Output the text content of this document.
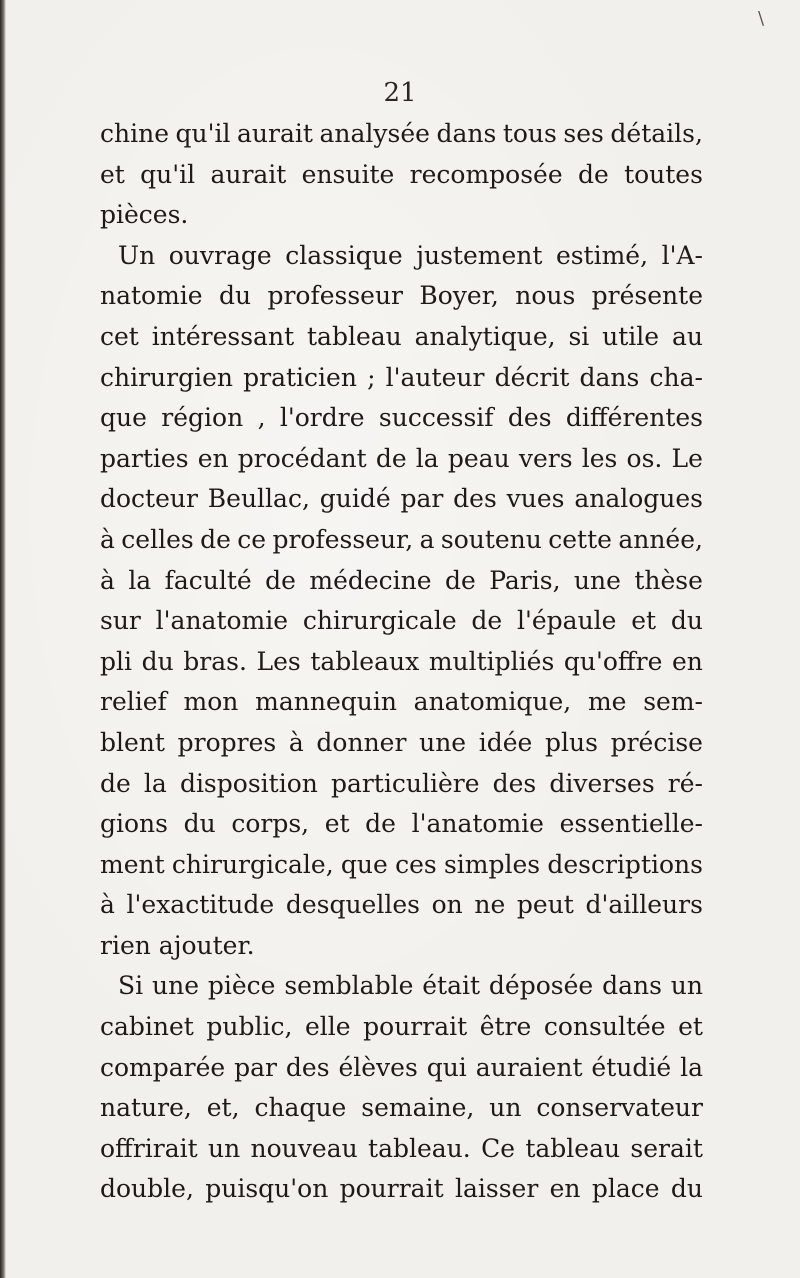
\
21
chine qu'il aurait analysée dans tous ses détails,
et qu'il aurait ensuite recomposée de toutes
pièces.
Un ouvrage classique justement estimé, l'A-
natomie du professeur Boyer, nous présente
cet intéressant tableau analytique, si utile au
chirurgien praticien ; l'auteur décrit dans cha-
que région , l'ordre successif des différentes
parties en procédant de la peau vers les os. Le
docteur Beullac, guidé par des vues analogues
à celles de ce professeur, a soutenu cette année,
à la faculté de médecine de Paris, une thèse
sur l'anatomie chirurgicale de l'épaule et du
pli du bras. Les tableaux multipliés qu'offre en
relief mon mannequin anatomique, me sem-
blent propres à donner une idée plus précise
de la disposition particulière des diverses ré-
gions du corps, et de l'anatomie essentielle-
ment chirurgicale, que ces simples descriptions
à l'exactitude desquelles on ne peut d'ailleurs
rien ajouter.
Si une pièce semblable était déposée dans un
cabinet public, elle pourrait être consultée et
comparée par des élèves qui auraient étudié la
nature, et, chaque semaine, un conservateur
offrirait un nouveau tableau. Ce tableau serait
double, puisqu'on pourrait laisser en place du
